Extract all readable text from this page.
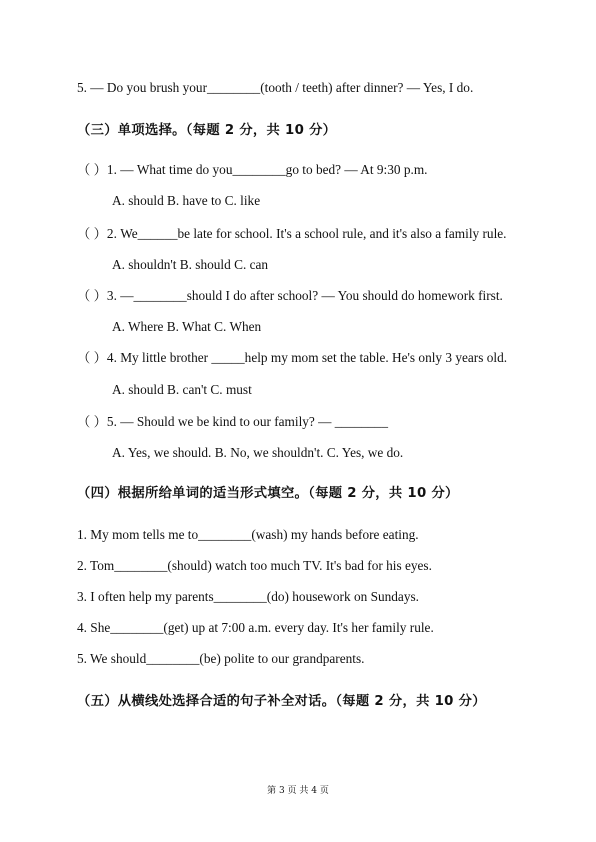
5. — Do you brush your________(tooth / teeth) after dinner? — Yes, I do.
（三）单项选择。（每题 2 分，共 10 分）
（ ）1. — What time do you________go to bed? — At 9:30 p.m.
A. should B. have to C. like
（ ）2. We______be late for school. It's a school rule, and it's also a family rule.
A. shouldn't B. should C. can
（ ）3. —________should I do after school? — You should do homework first.
A. Where B. What C. When
（ ）4. My little brother _____help my mom set the table. He's only 3 years old.
A. should B. can't C. must
（ ）5. — Should we be kind to our family? — ________
A. Yes, we should. B. No, we shouldn't. C. Yes, we do.
（四）根据所给单词的适当形式填空。（每题 2 分，共 10 分）
1. My mom tells me to________(wash) my hands before eating.
2. Tom________(should) watch too much TV. It's bad for his eyes.
3. I often help my parents________(do) housework on Sundays.
4. She________(get) up at 7:00 a.m. every day. It's her family rule.
5. We should________(be) polite to our grandparents.
（五）从横线处选择合适的句子补全对话。（每题 2 分，共 10 分）
第 3 页 共 4 页
